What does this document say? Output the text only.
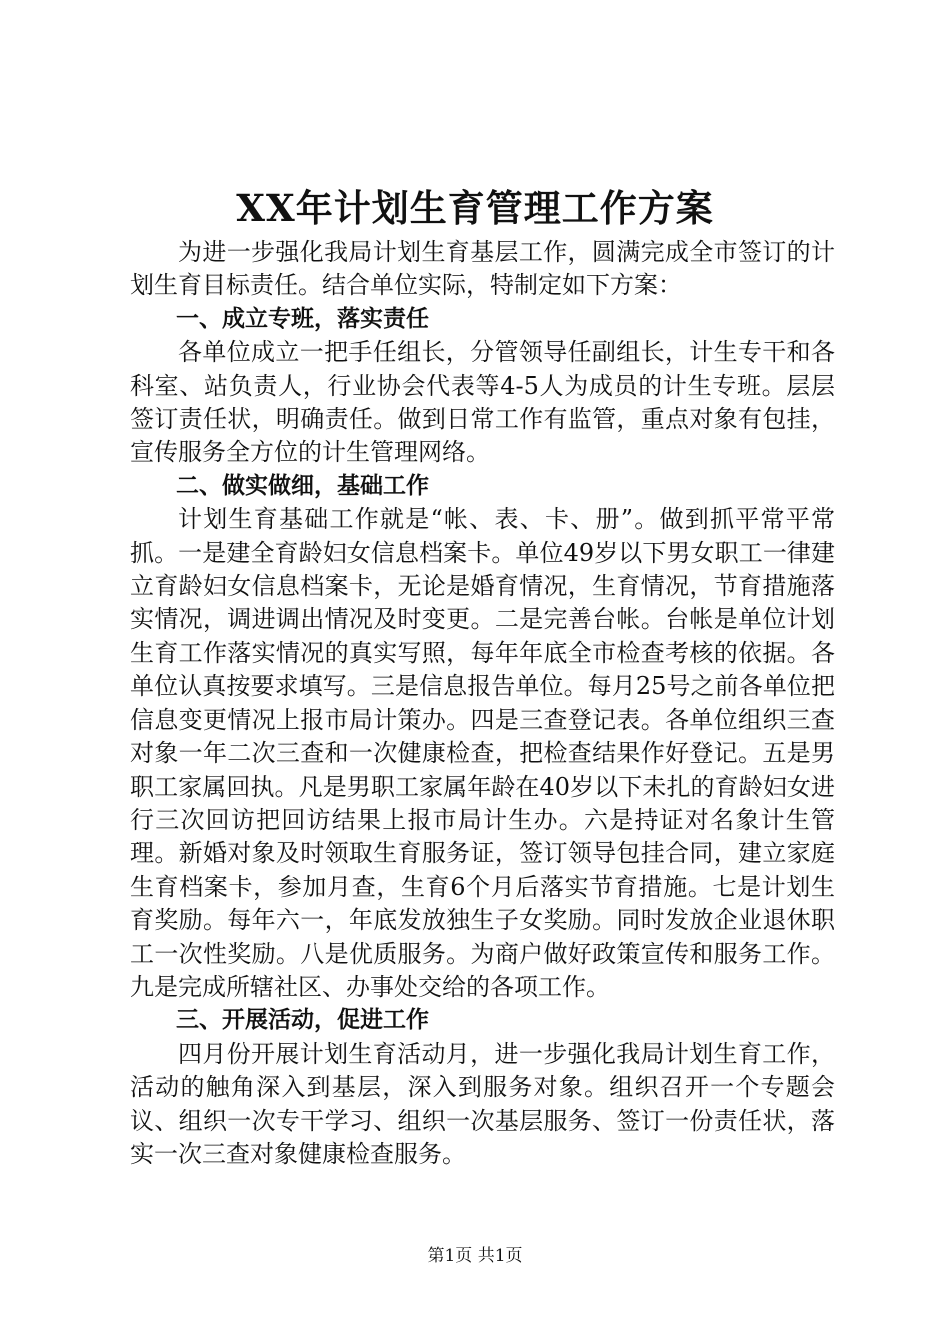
XX年计划生育管理工作方案

为进一步强化我局计划生育基层工作，圆满完成全市签订的计划生育目标责任。结合单位实际，特制定如下方案：

一、成立专班，落实责任

各单位成立一把手任组长，分管领导任副组长，计生专干和各科室、站负责人，行业协会代表等4-5人为成员的计生专班。层层签订责任状，明确责任。做到日常工作有监管，重点对象有包挂，宣传服务全方位的计生管理网络。

二、做实做细，基础工作

计划生育基础工作就是“帐、表、卡、册”。做到抓平常平常抓。一是建全育龄妇女信息档案卡。单位49岁以下男女职工一律建立育龄妇女信息档案卡，无论是婚育情况，生育情况，节育措施落实情况，调进调出情况及时变更。二是完善台帐。台帐是单位计划生育工作落实情况的真实写照，每年年底全市检查考核的依据。各单位认真按要求填写。三是信息报告单位。每月25号之前各单位把信息变更情况上报市局计策办。四是三查登记表。各单位组织三查对象一年二次三查和一次健康检查，把检查结果作好登记。五是男职工家属回执。凡是男职工家属年龄在40岁以下未扎的育龄妇女进行三次回访把回访结果上报市局计生办。六是持证对名象计生管理。新婚对象及时领取生育服务证，签订领导包挂合同，建立家庭生育档案卡，参加月查，生育6个月后落实节育措施。七是计划生育奖励。每年六一，年底发放独生子女奖励。同时发放企业退休职工一次性奖励。八是优质服务。为商户做好政策宣传和服务工作。九是完成所辖社区、办事处交给的各项工作。

三、开展活动，促进工作

四月份开展计划生育活动月，进一步强化我局计划生育工作，活动的触角深入到基层，深入到服务对象。组织召开一个专题会议、组织一次专干学习、组织一次基层服务、签订一份责任状，落实一次三查对象健康检查服务。

第1页 共1页
